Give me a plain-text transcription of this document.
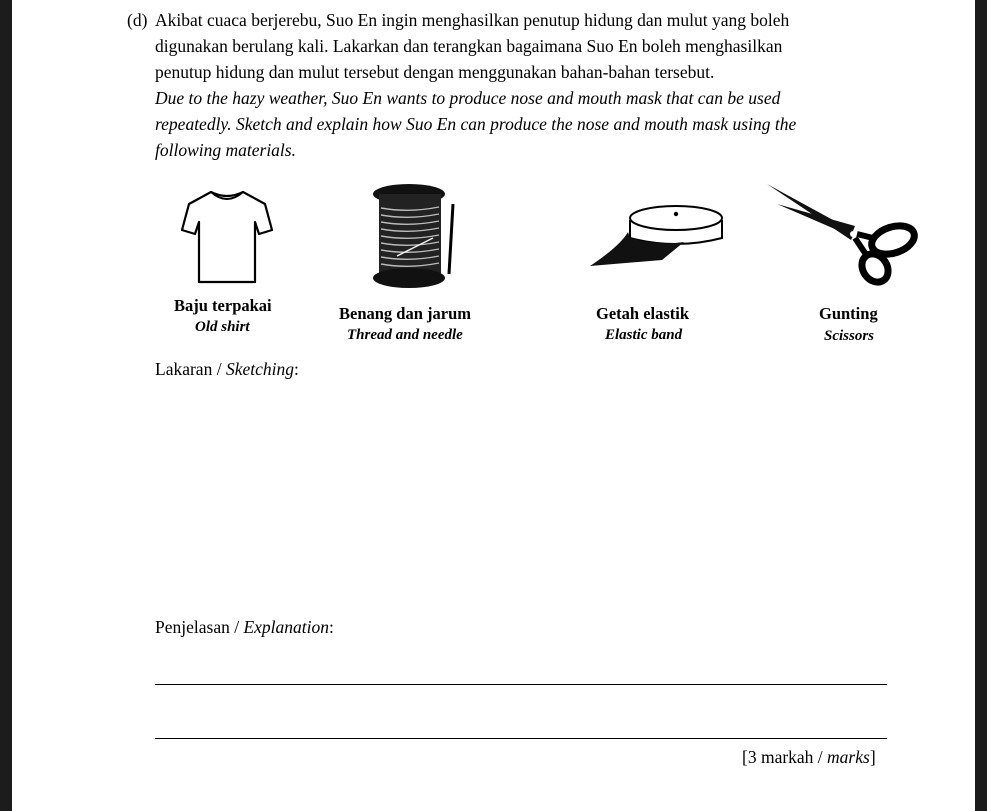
(d) Akibat cuaca berjerebu, Suo En ingin menghasilkan penutup hidung dan mulut yang boleh
digunakan berulang kali. Lakarkan dan terangkan bagaimana Suo En boleh menghasilkan
penutup hidung dan mulut tersebut dengan menggunakan bahan-bahan tersebut.
Due to the hazy weather, Suo En wants to produce nose and mouth mask that can be used
repeatedly. Sketch and explain how Suo En can produce the nose and mouth mask using the
following materials.
Baju terpakai
Old shirt
Benang dan jarum
Thread and needle
Getah elastik
Elastic band
Gunting
Scissors
Lakaran / Sketching:
Penjelasan / Explanation:
[3 markah / marks]
